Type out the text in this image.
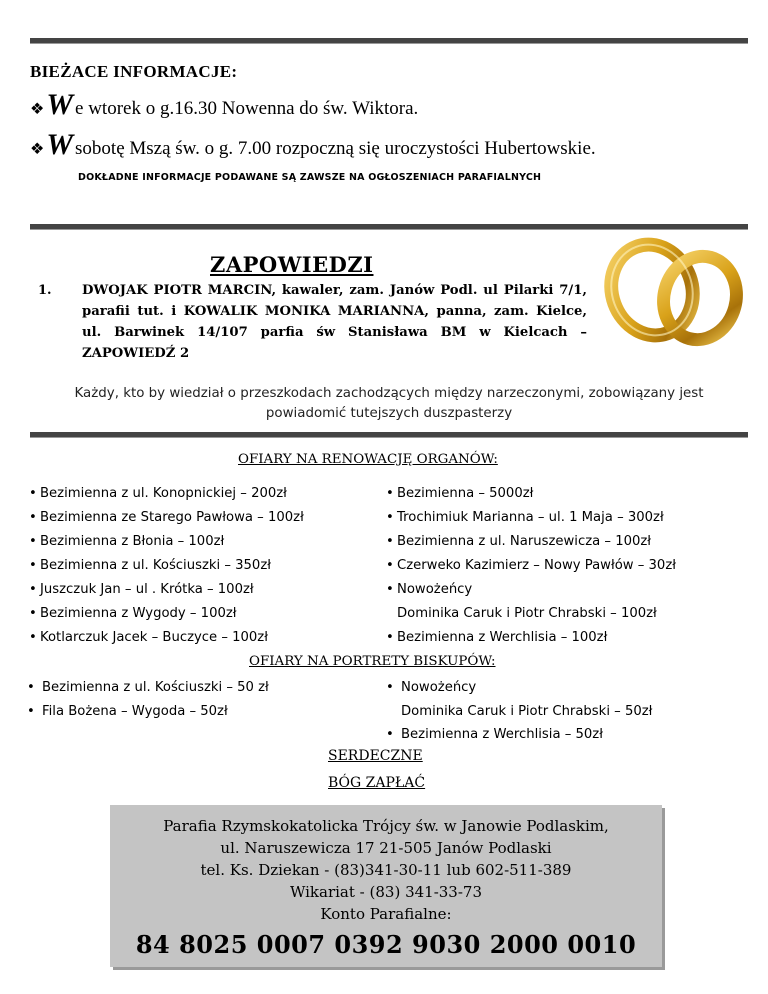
BIEŻACE INFORMACJE:
❖ W e wtorek o g.16.30 Nowenna do św. Wiktora.
❖ W sobotę Mszą św. o g. 7.00 rozpoczną się uroczystości Hubertowskie.
DOKŁADNE INFORMACJE PODAWANE SĄ ZAWSZE NA OGŁOSZENIACH PARAFIALNYCH
ZAPOWIEDZI
1. DWOJAK PIOTR MARCIN, kawaler, zam. Janów Podl. ul Pilarki 7/1, parafii tut. i KOWALIK MONIKA MARIANNA, panna, zam. Kielce, ul. Barwinek 14/107 parfia św Stanisława BM w Kielcach – ZAPOWIEDŹ 2
Każdy, kto by wiedział o przeszkodach zachodzących między narzeczonymi, zobowiązany jest
powiadomić tutejszych duszpasterzy
OFIARY NA RENOWACJĘ ORGANÓW:
• Bezimienna z ul. Konopnickiej – 200zł
• Bezimienna ze Starego Pawłowa – 100zł
• Bezimienna z Błonia – 100zł
• Bezimienna z ul. Kościuszki – 350zł
• Juszczuk Jan – ul . Krótka – 100zł
• Bezimienna z Wygody – 100zł
• Kotlarczuk Jacek – Buczyce – 100zł
• Bezimienna – 5000zł
• Trochimiuk Marianna – ul. 1 Maja – 300zł
• Bezimienna z ul. Naruszewicza – 100zł
• Czerweko Kazimierz – Nowy Pawłów – 30zł
• Nowożeńcy
Dominika Caruk i Piotr Chrabski – 100zł
• Bezimienna z Werchlisia – 100zł
OFIARY NA PORTRETY BISKUPÓW:
• Bezimienna z ul. Kościuszki – 50 zł
• Fila Bożena – Wygoda – 50zł
• Nowożeńcy
Dominika Caruk i Piotr Chrabski – 50zł
• Bezimienna z Werchlisia – 50zł
SERDECZNE
BÓG ZAPŁAĆ
Parafia Rzymskokatolicka Trójcy św. w Janowie Podlaskim,
ul. Naruszewicza 17 21-505 Janów Podlaski
tel. Ks. Dziekan - (83)341-30-11 lub 602-511-389
Wikariat - (83) 341-33-73
Konto Parafialne:
84 8025 0007 0392 9030 2000 0010
